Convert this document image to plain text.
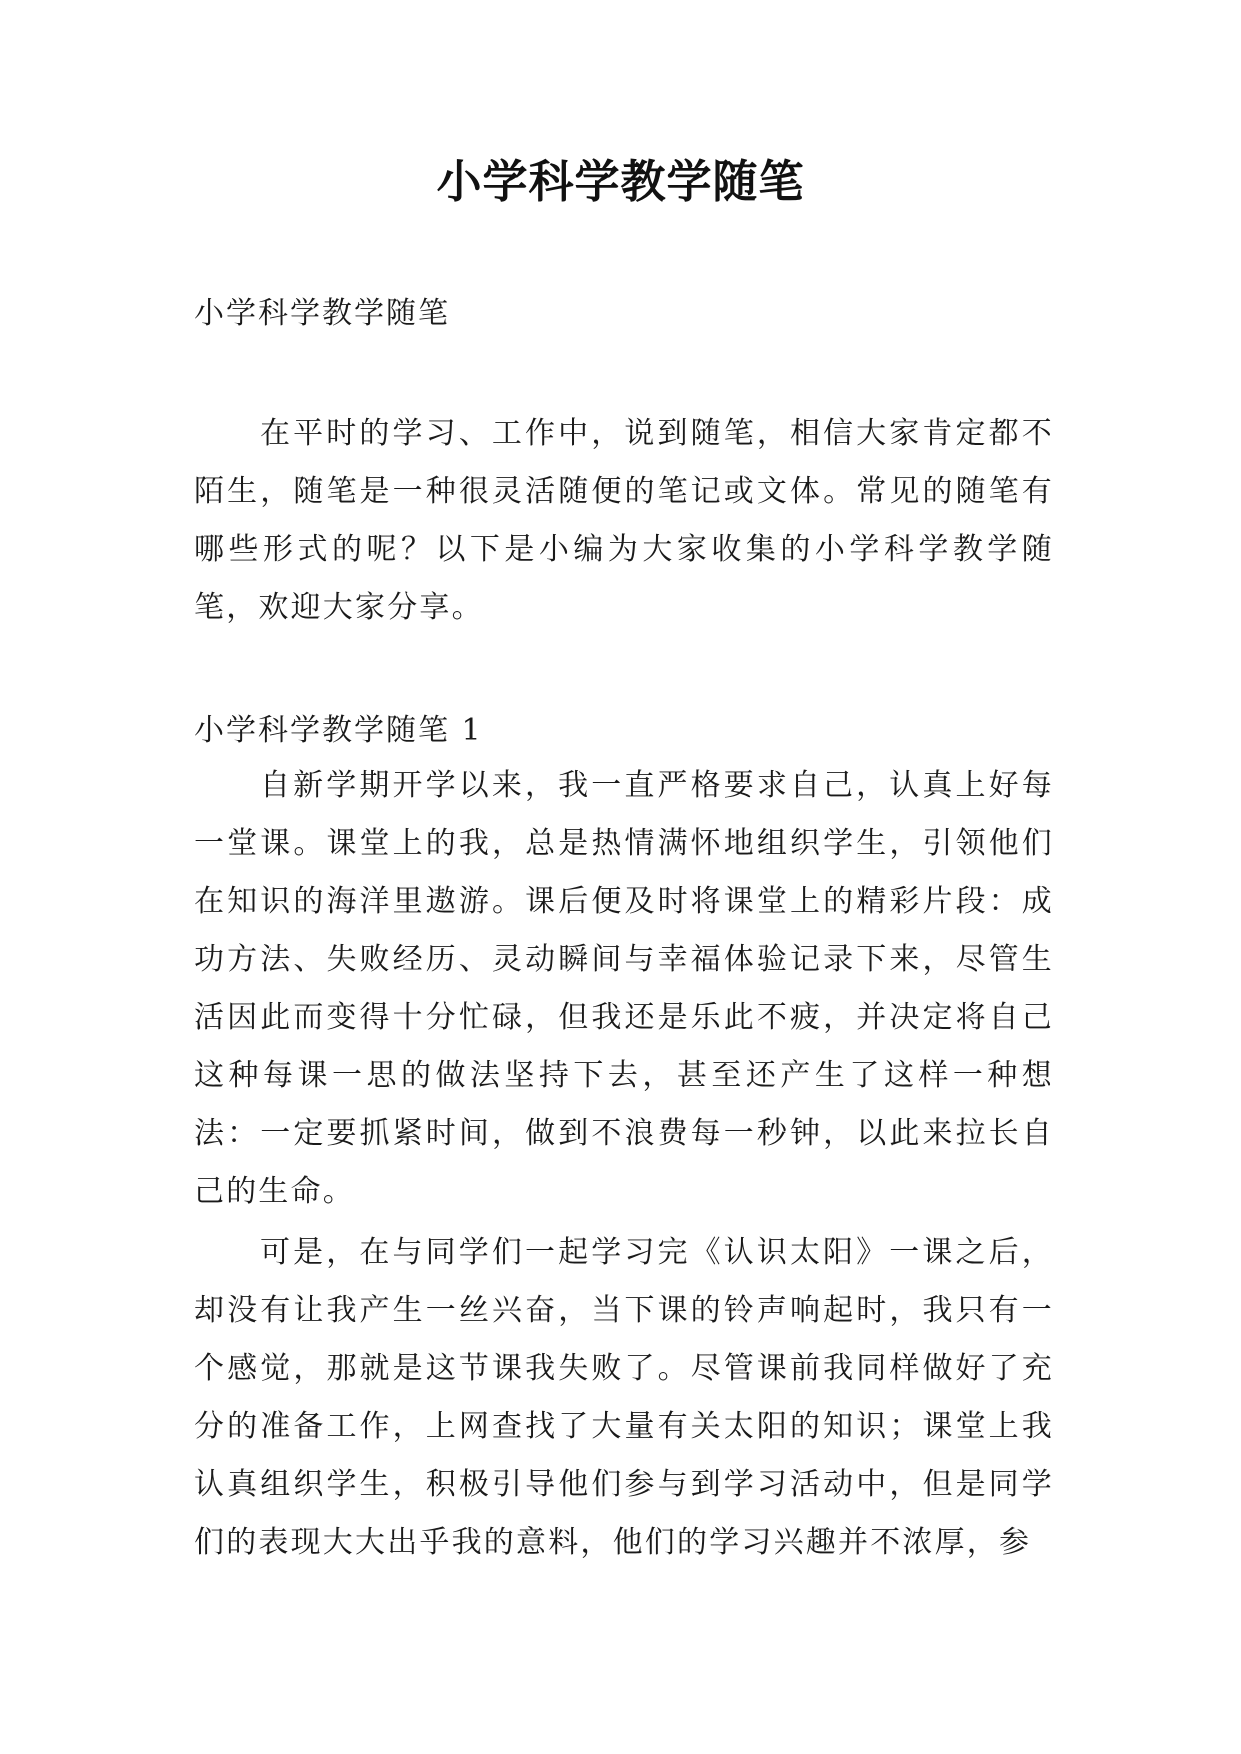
小学科学教学随笔
小学科学教学随笔
在平时的学习、工作中，说到随笔，相信大家肯定都不陌生，随笔是一种很灵活随便的笔记或文体。常见的随笔有哪些形式的呢？以下是小编为大家收集的小学科学教学随笔，欢迎大家分享。
小学科学教学随笔 1
自新学期开学以来，我一直严格要求自己，认真上好每一堂课。课堂上的我，总是热情满怀地组织学生，引领他们在知识的海洋里遨游。课后便及时将课堂上的精彩片段：成功方法、失败经历、灵动瞬间与幸福体验记录下来，尽管生活因此而变得十分忙碌，但我还是乐此不疲，并决定将自己这种每课一思的做法坚持下去，甚至还产生了这样一种想法：一定要抓紧时间，做到不浪费每一秒钟，以此来拉长自己的生命。
可是，在与同学们一起学习完《认识太阳》一课之后，却没有让我产生一丝兴奋，当下课的铃声响起时，我只有一个感觉，那就是这节课我失败了。尽管课前我同样做好了充分的准备工作，上网查找了大量有关太阳的知识；课堂上我认真组织学生，积极引导他们参与到学习活动中，但是同学们的表现大大出乎我的意料，他们的学习兴趣并不浓厚，参
